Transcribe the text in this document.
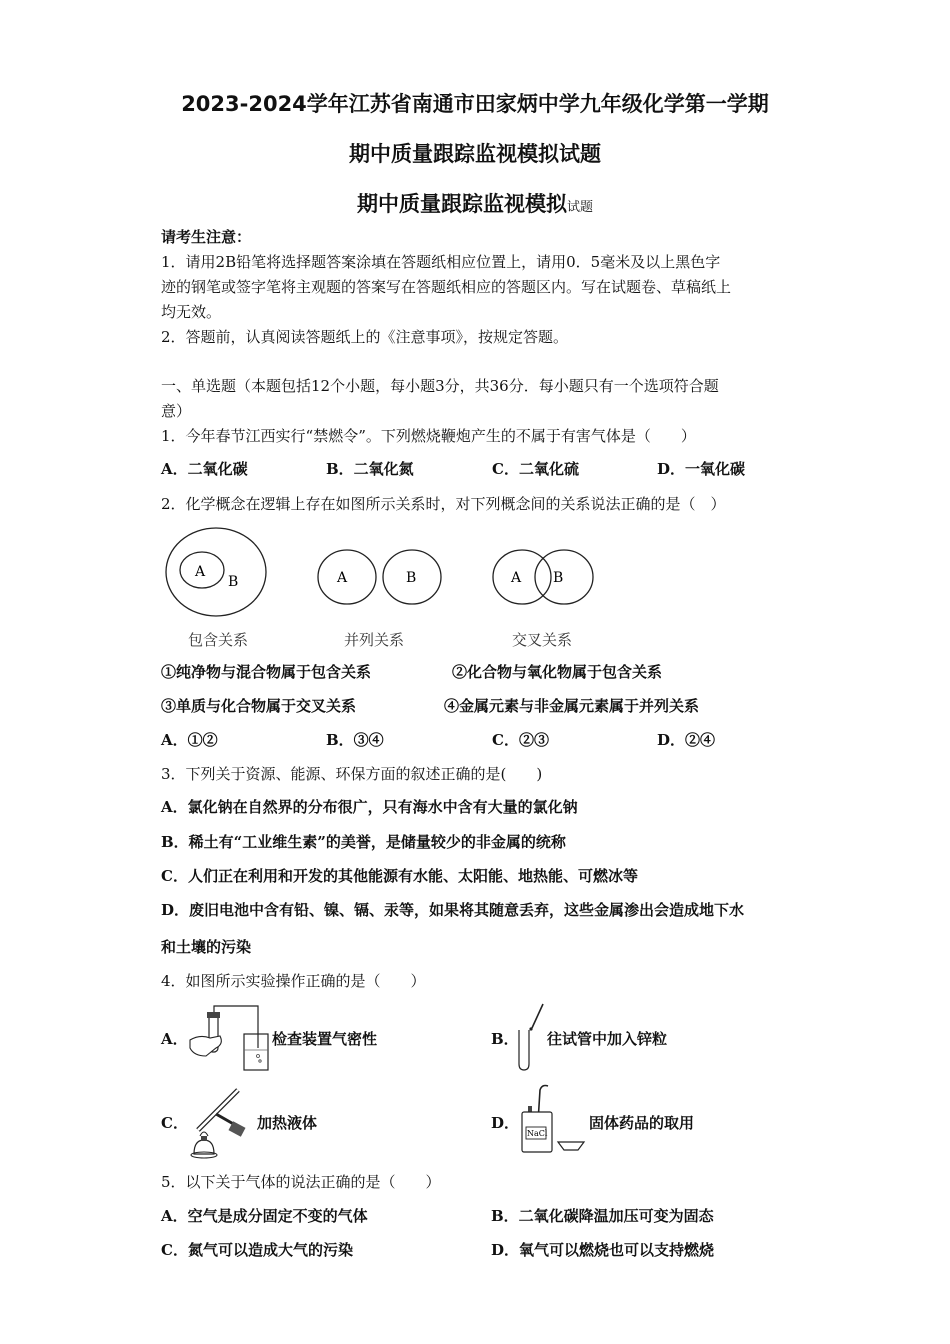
2023-2024学年江苏省南通市田家炳中学九年级化学第一学期
期中质量跟踪监视模拟试题
期中质量跟踪监视模拟试题
请考生注意：
1．请用2B铅笔将选择题答案涂填在答题纸相应位置上，请用0．5毫米及以上黑色字
迹的钢笔或签字笔将主观题的答案写在答题纸相应的答题区内。写在试题卷、草稿纸上
均无效。
2．答题前，认真阅读答题纸上的《注意事项》，按规定答题。
一、单选题（本题包括12个小题，每小题3分，共36分．每小题只有一个选项符合题
意）
1．今年春节江西实行“禁燃令”。下列燃烧鞭炮产生的不属于有害气体是（　　）
A．二氧化碳	B．二氧化氮	C．二氧化硫	D．一氧化碳
2．化学概念在逻辑上存在如图所示关系时，对下列概念间的关系说法正确的是（　）
A
B	A	B	A B
包含关系	并列关系	交叉关系
①纯净物与混合物属于包含关系	②化合物与氧化物属于包含关系
③单质与化合物属于交叉关系	④金属元素与非金属元素属于并列关系
A．①②	B．③④	C．②③	D．②④
3．下列关于资源、能源、环保方面的叙述正确的是(　　)
A．氯化钠在自然界的分布很广，只有海水中含有大量的氯化钠
B．稀土有“工业维生素”的美誉，是储量较少的非金属的统称
C．人们正在利用和开发的其他能源有水能、太阳能、地热能、可燃冰等
D．废旧电池中含有铅、镍、镉、汞等，如果将其随意丢弃，这些金属渗出会造成地下水
和土壤的污染
4．如图所示实验操作正确的是（　　）
A．	检查装置气密性	B． 往试管中加入锌粒
C．	加热液体	D．
NaCl
固体药品的取用
5．以下关于气体的说法正确的是（　　）
A．空气是成分固定不变的气体	B．二氧化碳降温加压可变为固态
C．氮气可以造成大气的污染	D．氧气可以燃烧也可以支持燃烧
